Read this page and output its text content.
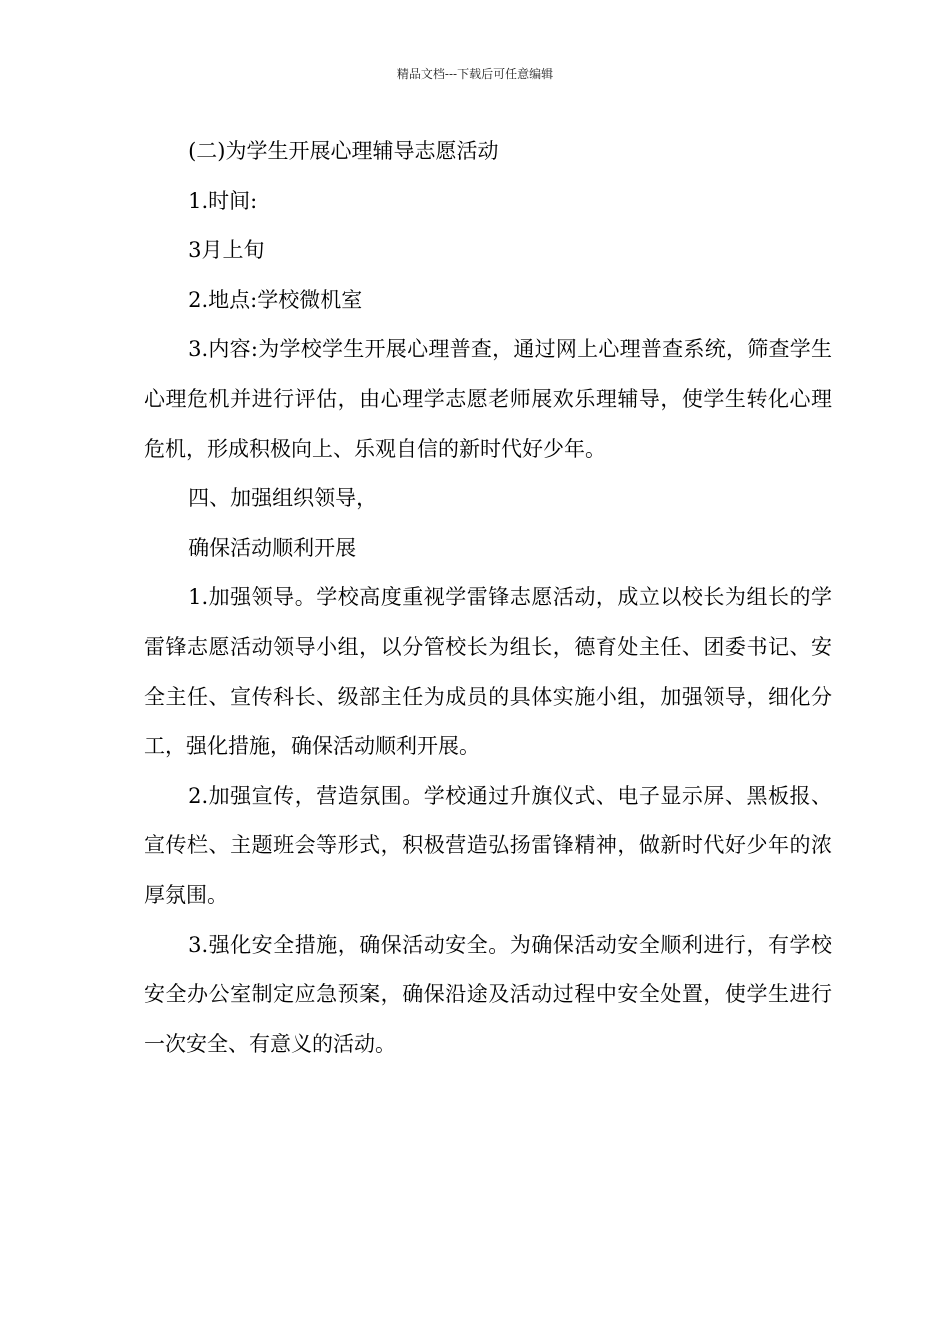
精品文档---下载后可任意编辑

(二)为学生开展心理辅导志愿活动

1.时间:

3月上旬

2.地点:学校微机室

3.内容:为学校学生开展心理普查，通过网上心理普查系统，筛查学生心理危机并进行评估，由心理学志愿老师展欢乐理辅导，使学生转化心理危机，形成积极向上、乐观自信的新时代好少年。

四、加强组织领导，

确保活动顺利开展

1.加强领导。学校高度重视学雷锋志愿活动，成立以校长为组长的学雷锋志愿活动领导小组，以分管校长为组长，德育处主任、团委书记、安全主任、宣传科长、级部主任为成员的具体实施小组，加强领导，细化分工，强化措施，确保活动顺利开展。

2.加强宣传，营造氛围。学校通过升旗仪式、电子显示屏、黑板报、宣传栏、主题班会等形式，积极营造弘扬雷锋精神，做新时代好少年的浓厚氛围。

3.强化安全措施，确保活动安全。为确保活动安全顺利进行，有学校安全办公室制定应急预案，确保沿途及活动过程中安全处置，使学生进行一次安全、有意义的活动。
